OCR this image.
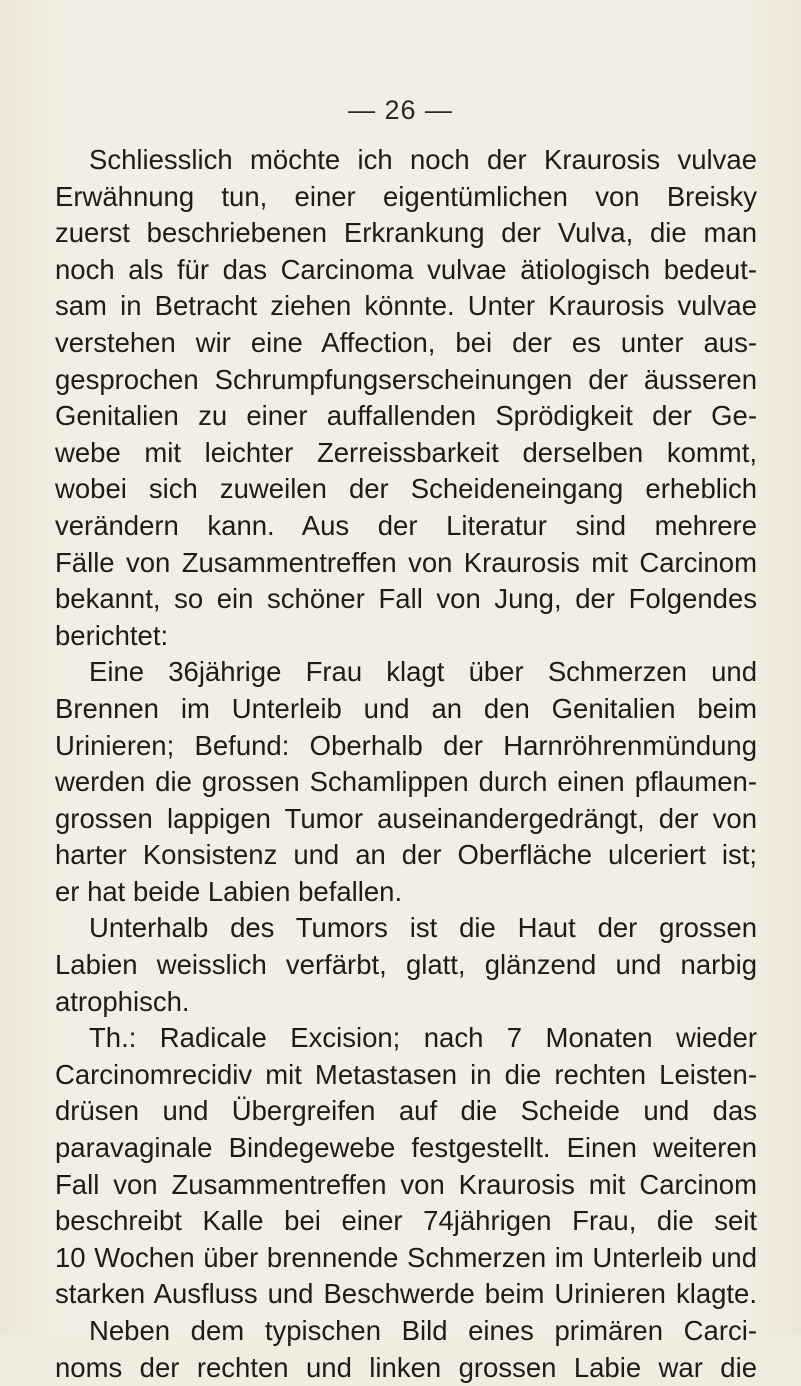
— 26 —
Schliesslich möchte ich noch der Kraurosis vulvae
Erwähnung tun, einer eigentümlichen von Breisky
zuerst beschriebenen Erkrankung der Vulva, die man
noch als für das Carcinoma vulvae ätiologisch bedeut-
sam in Betracht ziehen könnte. Unter Kraurosis vulvae
verstehen wir eine Affection, bei der es unter aus-
gesprochen Schrumpfungserscheinungen der äusseren
Genitalien zu einer auffallenden Sprödigkeit der Ge-
webe mit leichter Zerreissbarkeit derselben kommt,
wobei sich zuweilen der Scheideneingang erheblich
verändern kann. Aus der Literatur sind mehrere
Fälle von Zusammentreffen von Kraurosis mit Carcinom
bekannt, so ein schöner Fall von Jung, der Folgendes
berichtet:
Eine 36jährige Frau klagt über Schmerzen und
Brennen im Unterleib und an den Genitalien beim
Urinieren; Befund: Oberhalb der Harnröhrenmündung
werden die grossen Schamlippen durch einen pflaumen-
grossen lappigen Tumor auseinandergedrängt, der von
harter Konsistenz und an der Oberfläche ulceriert ist;
er hat beide Labien befallen.
Unterhalb des Tumors ist die Haut der grossen
Labien weisslich verfärbt, glatt, glänzend und narbig
atrophisch.
Th.: Radicale Excision; nach 7 Monaten wieder
Carcinomrecidiv mit Metastasen in die rechten Leisten-
drüsen und Übergreifen auf die Scheide und das
paravaginale Bindegewebe festgestellt. Einen weiteren
Fall von Zusammentreffen von Kraurosis mit Carcinom
beschreibt Kalle bei einer 74jährigen Frau, die seit
10 Wochen über brennende Schmerzen im Unterleib und
starken Ausfluss und Beschwerde beim Urinieren klagte.
Neben dem typischen Bild eines primären Carci-
noms der rechten und linken grossen Labie war die
